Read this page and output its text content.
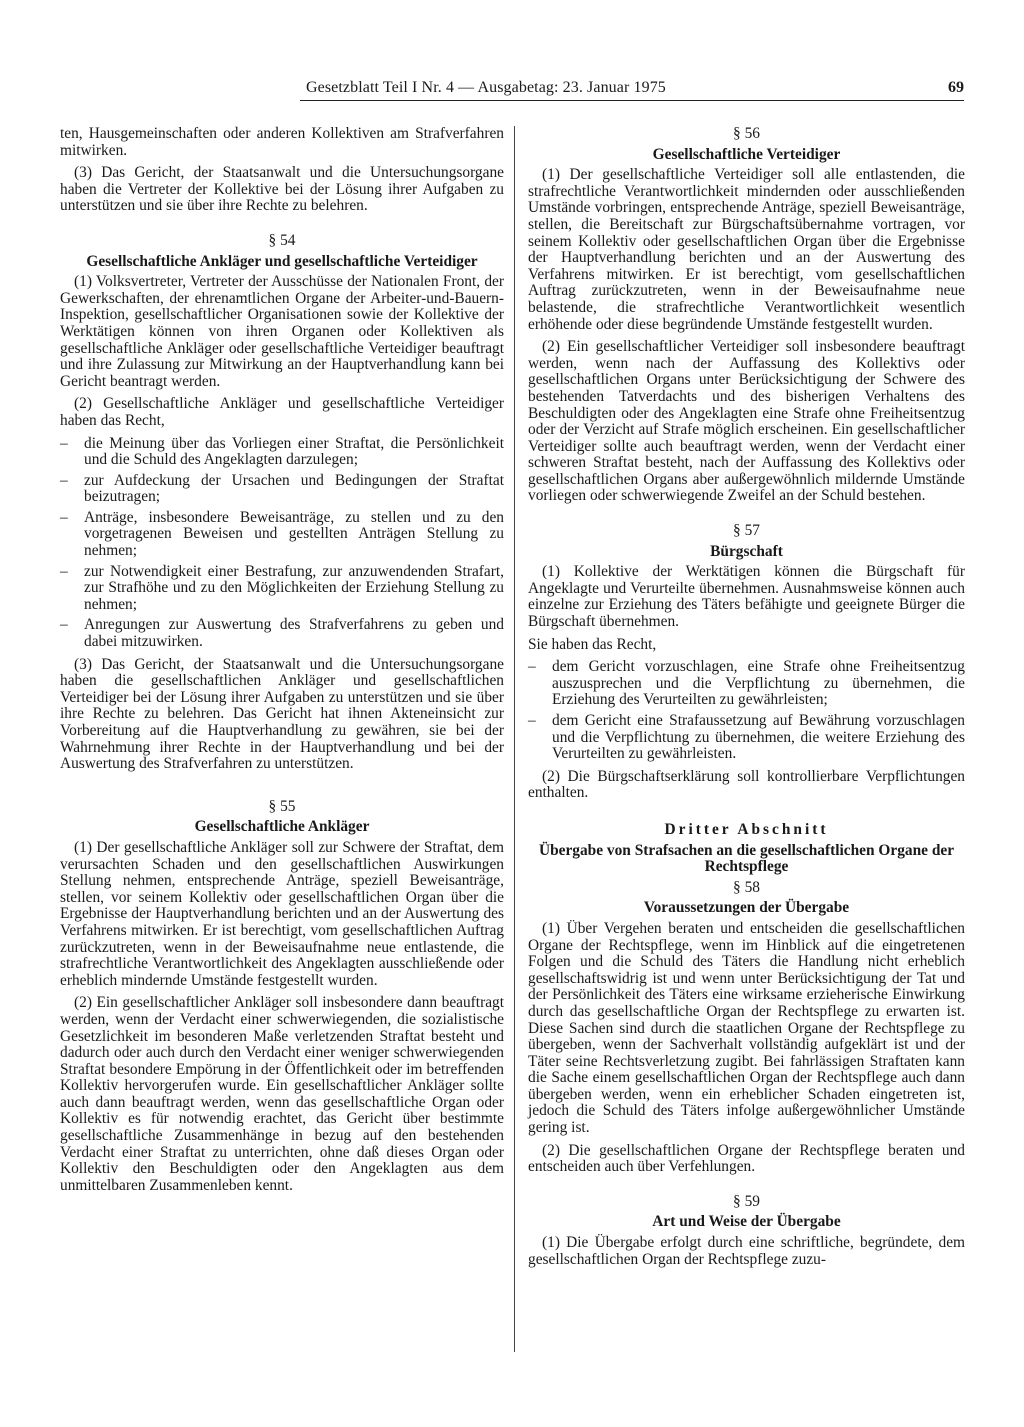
Gesetzblatt Teil I Nr. 4 — Ausgabetag: 23. Januar 1975	69

ten, Hausgemeinschaften oder anderen Kollektiven am Strafverfahren mitwirken.

(3) Das Gericht, der Staatsanwalt und die Untersuchungsorgane haben die Vertreter der Kollektive bei der Lösung ihrer Aufgaben zu unterstützen und sie über ihre Rechte zu belehren.

§ 54
Gesellschaftliche Ankläger und gesellschaftliche Verteidiger

(1) Volksvertreter, Vertreter der Ausschüsse der Nationalen Front, der Gewerkschaften, der ehrenamtlichen Organe der Arbeiter-und-Bauern-Inspektion, gesellschaftlicher Organisationen sowie der Kollektive der Werktätigen können von ihren Organen oder Kollektiven als gesellschaftliche Ankläger oder gesellschaftliche Verteidiger beauftragt und ihre Zulassung zur Mitwirkung an der Hauptverhandlung kann bei Gericht beantragt werden.

(2) Gesellschaftliche Ankläger und gesellschaftliche Verteidiger haben das Recht,

– die Meinung über das Vorliegen einer Straftat, die Persönlichkeit und die Schuld des Angeklagten darzulegen;
– zur Aufdeckung der Ursachen und Bedingungen der Straftat beizutragen;
– Anträge, insbesondere Beweisanträge, zu stellen und zu den vorgetragenen Beweisen und gestellten Anträgen Stellung zu nehmen;
– zur Notwendigkeit einer Bestrafung, zur anzuwendenden Strafart, zur Strafhöhe und zu den Möglichkeiten der Erziehung Stellung zu nehmen;
– Anregungen zur Auswertung des Strafverfahrens zu geben und dabei mitzuwirken.

(3) Das Gericht, der Staatsanwalt und die Untersuchungsorgane haben die gesellschaftlichen Ankläger und gesellschaftlichen Verteidiger bei der Lösung ihrer Aufgaben zu unterstützen und sie über ihre Rechte zu belehren. Das Gericht hat ihnen Akteneinsicht zur Vorbereitung auf die Hauptverhandlung zu gewähren, sie bei der Wahrnehmung ihrer Rechte in der Hauptverhandlung und bei der Auswertung des Strafverfahren zu unterstützen.

§ 55
Gesellschaftliche Ankläger

(1) Der gesellschaftliche Ankläger soll zur Schwere der Straftat, dem verursachten Schaden und den gesellschaftlichen Auswirkungen Stellung nehmen, entsprechende Anträge, speziell Beweisanträge, stellen, vor seinem Kollektiv oder gesellschaftlichen Organ über die Ergebnisse der Hauptverhandlung berichten und an der Auswertung des Verfahrens mitwirken. Er ist berechtigt, vom gesellschaftlichen Auftrag zurückzutreten, wenn in der Beweisaufnahme neue entlastende, die strafrechtliche Verantwortlichkeit des Angeklagten ausschließende oder erheblich mindernde Umstände festgestellt wurden.

(2) Ein gesellschaftlicher Ankläger soll insbesondere dann beauftragt werden, wenn der Verdacht einer schwerwiegenden, die sozialistische Gesetzlichkeit im besonderen Maße verletzenden Straftat besteht und dadurch oder auch durch den Verdacht einer weniger schwerwiegenden Straftat besondere Empörung in der Öffentlichkeit oder im betreffenden Kollektiv hervorgerufen wurde. Ein gesellschaftlicher Ankläger sollte auch dann beauftragt werden, wenn das gesellschaftliche Organ oder Kollektiv es für notwendig erachtet, das Gericht über bestimmte gesellschaftliche Zusammenhänge in bezug auf den bestehenden Verdacht einer Straftat zu unterrichten, ohne daß dieses Organ oder Kollektiv den Beschuldigten oder den Angeklagten aus dem unmittelbaren Zusammenleben kennt.

§ 56
Gesellschaftliche Verteidiger

(1) Der gesellschaftliche Verteidiger soll alle entlastenden, die strafrechtliche Verantwortlichkeit mindernden oder ausschließenden Umstände vorbringen, entsprechende Anträge, speziell Beweisanträge, stellen, die Bereitschaft zur Bürgschaftsübernahme vortragen, vor seinem Kollektiv oder gesellschaftlichen Organ über die Ergebnisse der Hauptverhandlung berichten und an der Auswertung des Verfahrens mitwirken. Er ist berechtigt, vom gesellschaftlichen Auftrag zurückzutreten, wenn in der Beweisaufnahme neue belastende, die strafrechtliche Verantwortlichkeit wesentlich erhöhende oder diese begründende Umstände festgestellt wurden.

(2) Ein gesellschaftlicher Verteidiger soll insbesondere beauftragt werden, wenn nach der Auffassung des Kollektivs oder gesellschaftlichen Organs unter Berücksichtigung der Schwere des bestehenden Tatverdachts und des bisherigen Verhaltens des Beschuldigten oder des Angeklagten eine Strafe ohne Freiheitsentzug oder der Verzicht auf Strafe möglich erscheinen. Ein gesellschaftlicher Verteidiger sollte auch beauftragt werden, wenn der Verdacht einer schweren Straftat besteht, nach der Auffassung des Kollektivs oder gesellschaftlichen Organs aber außergewöhnlich mildernde Umstände vorliegen oder schwerwiegende Zweifel an der Schuld bestehen.

§ 57
Bürgschaft

(1) Kollektive der Werktätigen können die Bürgschaft für Angeklagte und Verurteilte übernehmen. Ausnahmsweise können auch einzelne zur Erziehung des Täters befähigte und geeignete Bürger die Bürgschaft übernehmen.

Sie haben das Recht,

– dem Gericht vorzuschlagen, eine Strafe ohne Freiheitsentzug auszusprechen und die Verpflichtung zu übernehmen, die Erziehung des Verurteilten zu gewährleisten;
– dem Gericht eine Strafaussetzung auf Bewährung vorzuschlagen und die Verpflichtung zu übernehmen, die weitere Erziehung des Verurteilten zu gewährleisten.

(2) Die Bürgschaftserklärung soll kontrollierbare Verpflichtungen enthalten.

Dritter Abschnitt
Übergabe von Strafsachen an die gesellschaftlichen Organe der Rechtspflege
§ 58
Voraussetzungen der Übergabe

(1) Über Vergehen beraten und entscheiden die gesellschaftlichen Organe der Rechtspflege, wenn im Hinblick auf die eingetretenen Folgen und die Schuld des Täters die Handlung nicht erheblich gesellschaftswidrig ist und wenn unter Berücksichtigung der Tat und der Persönlichkeit des Täters eine wirksame erzieherische Einwirkung durch das gesellschaftliche Organ der Rechtspflege zu erwarten ist. Diese Sachen sind durch die staatlichen Organe der Rechtspflege zu übergeben, wenn der Sachverhalt vollständig aufgeklärt ist und der Täter seine Rechtsverletzung zugibt. Bei fahrlässigen Straftaten kann die Sache einem gesellschaftlichen Organ der Rechtspflege auch dann übergeben werden, wenn ein erheblicher Schaden eingetreten ist, jedoch die Schuld des Täters infolge außergewöhnlicher Umstände gering ist.

(2) Die gesellschaftlichen Organe der Rechtspflege beraten und entscheiden auch über Verfehlungen.

§ 59
Art und Weise der Übergabe

(1) Die Übergabe erfolgt durch eine schriftliche, begründete, dem gesellschaftlichen Organ der Rechtspflege zuzu-
